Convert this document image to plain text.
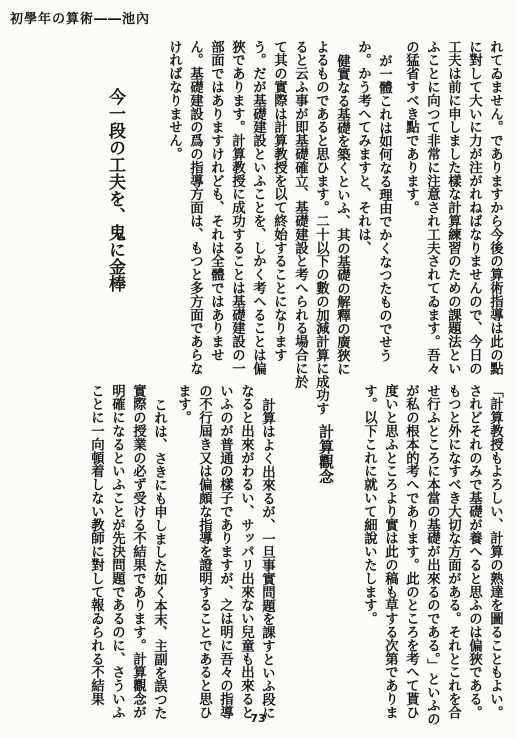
初學年の算術――池內
れてゐません。でありますから今後の算術指導は此の點
に對して大いに力が注がれねばなりませんので、今日の
工夫は前に申しました樣な計算練習のための課題法とい
ふことに向つて非常に注意され工夫されてゐます。吾々
の猛省すべき點であります。
が一體これは如何なる理由でかくなつたものでせう
か。かう考へてみますと、それは、
健實なる基礎を築くといふ、其の基礎の解釋の廣狹に
よるものであると思ひます。二十以下の數の加減計算に成功す
ると云ふ事が即基礎確立、基礎建設と考へられる場合に於
て其の實際は計算教授を以て終始することになります
う。だが基礎建設といふことを、しかく考へることは偏
狹であります。計算教授に成功することは基礎建設の一
部面ではありますけれども、それは全體ではありませ
ん。基礎建設の爲の指導方面は、もつと多方面であらな
ければなりません。
今一段の工夫を、鬼に金棒
「計算教授もよろしい、計算の熟達を圖ることもよい。
されどそれのみで基礎が養へると思ふのは偏狹である。
もつと外になすべき大切な方面がある。それとこれを合
せ行ふところに本當の基礎が出來るのである。」といふの
が私の根本的考へであります。此のところを考へて貰ひ
度いと思ふところより實は此の稿も草する次第でありま
す。以下これに就いて細說いたします。
計算觀念
計算はよく出來るが、一旦事實問題を課すといふ段に
なると出來がわるい、サッパリ出來ない兒童も出來ると
いふのが普通の樣子でありますが、之は明に吾々の指導
の不行屆き又は偏頗な指導を證明することであると思ひ
ます。
これは、さきにも申しました如く本末、主副を誤つた
實際の授業の必ず受ける不結果であります。計算觀念が
明確になるといふことが先決問題であるのに、さういふ
ことに一向頓着しない教師に對して報ゐられる不結果
73
